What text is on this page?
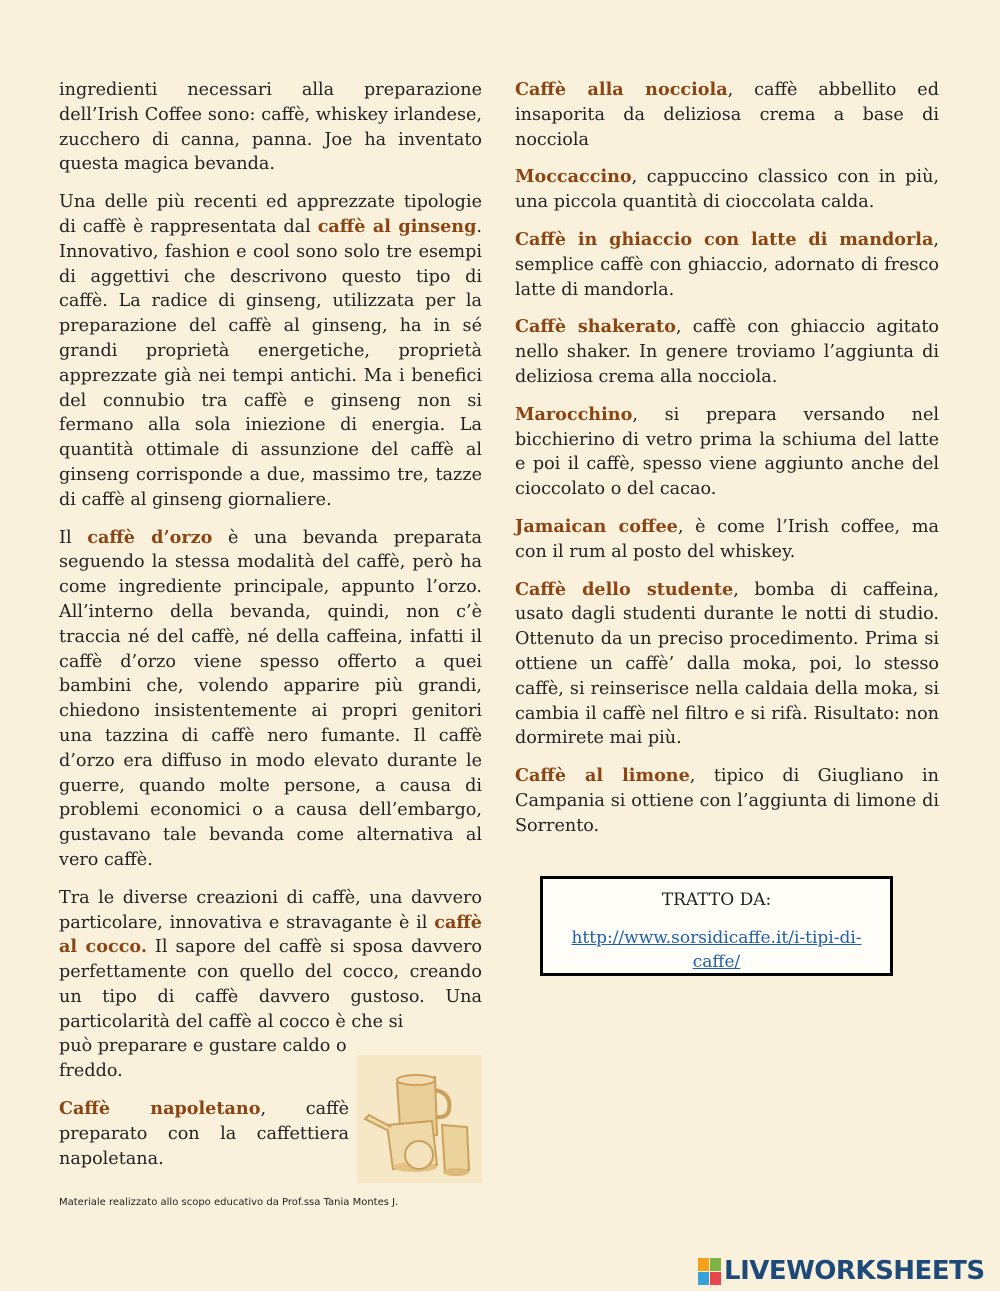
ingredienti necessari alla preparazione dell’Irish Coffee sono: caffè, whiskey irlandese, zucchero di canna, panna. Joe ha inventato questa magica bevanda.

Una delle più recenti ed apprezzate tipologie di caffè è rappresentata dal caffè al ginseng. Innovativo, fashion e cool sono solo tre esempi di aggettivi che descrivono questo tipo di caffè. La radice di ginseng, utilizzata per la preparazione del caffè al ginseng, ha in sé grandi proprietà energetiche, proprietà apprezzate già nei tempi antichi. Ma i benefici del connubio tra caffè e ginseng non si fermano alla sola iniezione di energia. La quantità ottimale di assunzione del caffè al ginseng corrisponde a due, massimo tre, tazze di caffè al ginseng giornaliere.

Il caffè d’orzo è una bevanda preparata seguendo la stessa modalità del caffè, però ha come ingrediente principale, appunto l’orzo. All’interno della bevanda, quindi, non c’è traccia né del caffè, né della caffeina, infatti il caffè d’orzo viene spesso offerto a quei bambini che, volendo apparire più grandi, chiedono insistentemente ai propri genitori una tazzina di caffè nero fumante. Il caffè d’orzo era diffuso in modo elevato durante le guerre, quando molte persone, a causa di problemi economici o a causa dell’embargo, gustavano tale bevanda come alternativa al vero caffè.

Tra le diverse creazioni di caffè, una davvero particolare, innovativa e stravagante è il caffè al cocco. Il sapore del caffè si sposa davvero perfettamente con quello del cocco, creando un tipo di caffè davvero gustoso. Una particolarità del caffè al cocco è che si

può preparare e gustare caldo o freddo.

Caffè napoletano, caffè preparato con la caffettiera napoletana.

Caffè alla nocciola, caffè abbellito ed insaporita da deliziosa crema a base di nocciola

Moccaccino, cappuccino classico con in più, una piccola quantità di cioccolata calda.

Caffè in ghiaccio con latte di mandorla, semplice caffè con ghiaccio, adornato di fresco latte di mandorla.

Caffè shakerato, caffè con ghiaccio agitato nello shaker. In genere troviamo l’aggiunta di deliziosa crema alla nocciola.

Marocchino, si prepara versando nel bicchierino di vetro prima la schiuma del latte e poi il caffè, spesso viene aggiunto anche del cioccolato o del cacao.

Jamaican coffee, è come l’Irish coffee, ma con il rum al posto del whiskey.

Caffè dello studente, bomba di caffeina, usato dagli studenti durante le notti di studio. Ottenuto da un preciso procedimento. Prima si ottiene un caffè’ dalla moka, poi, lo stesso caffè, si reinserisce nella caldaia della moka, si cambia il caffè nel filtro e si rifà. Risultato: non dormirete mai più.

Caffè al limone, tipico di Giugliano in Campania si ottiene con l’aggiunta di limone di Sorrento.

TRATTO DA:
http://www.sorsidicaffe.it/i-tipi-di-caffe/
Materiale realizzato allo scopo educativo da Prof.ssa Tania Montes J.
LIVEWORKSHEETS
